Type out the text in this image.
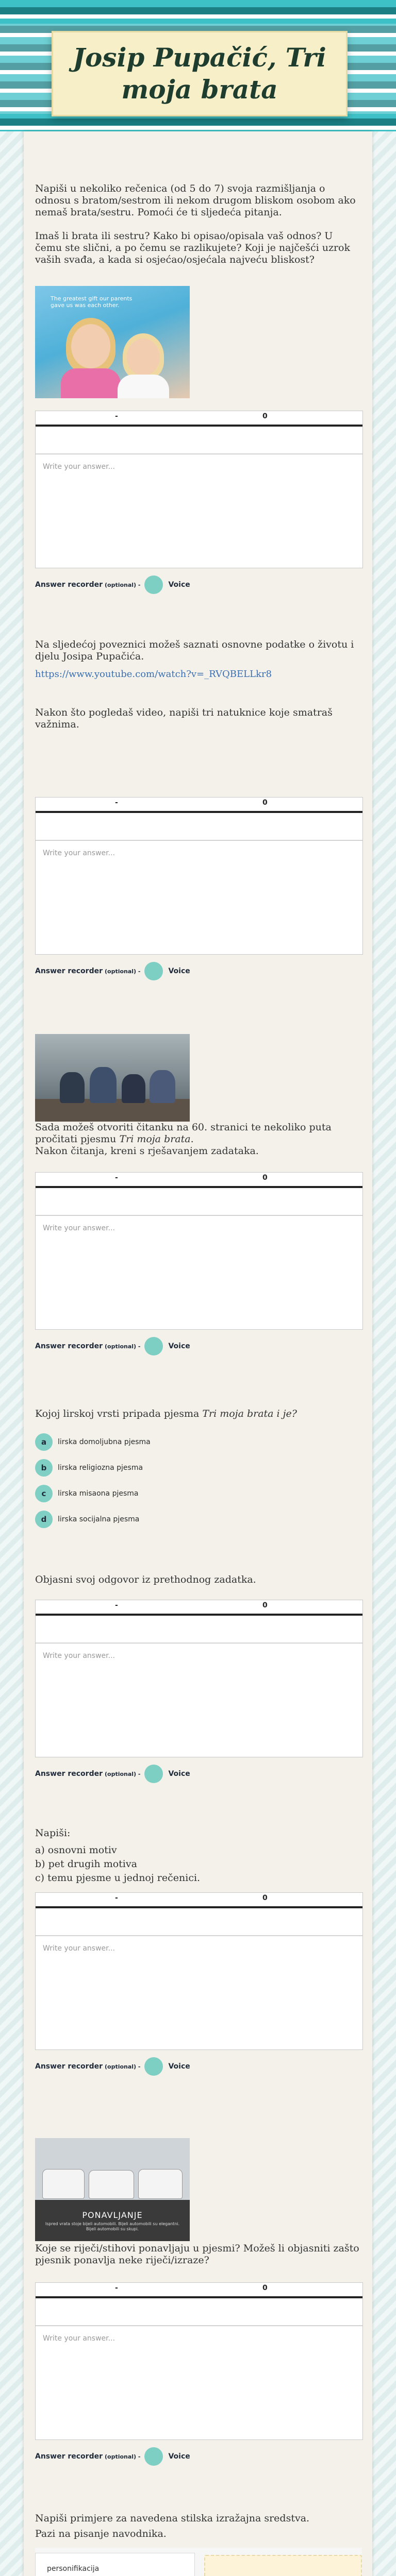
Josip Pupačić, Tri moja brata
Napiši u nekoliko rečenica (od 5 do 7) svoja razmišljanja o odnosu s bratom/sestrom ili nekom drugom bliskom osobom ako nemaš brata/sestru. Pomoći će ti sljedeća pitanja.
Imaš li brata ili sestru? Kako bi opisao/opisala vaš odnos? U čemu ste slični, a po čemu se razlikujete? Koji je najčešći uzrok vaših svađa, a kada si osjećao/osjećala najveću bliskost?
The greatest gift our parents gave us was each other.
-	0
Write your answer...
Answer recorder (optional) -	Voice
Na sljedećoj poveznici možeš saznati osnovne podatke o životu i djelu Josipa Pupačića.
https://www.youtube.com/watch?v=_RVQBELLkr8
Nakon što pogledaš video, napiši tri natuknice koje smatraš važnima.
-	0
Write your answer...
Answer recorder (optional) -	Voice
Sada možeš otvoriti čitanku na 60. stranici te nekoliko puta pročitati pjesmu Tri moja brata.
Nakon čitanja, kreni s rješavanjem zadataka.
-	0
Write your answer...
Answer recorder (optional) -	Voice
Kojoj lirskoj vrsti pripada pjesma Tri moja brata i je?
a	lirska domoljubna pjesma
b	lirska religiozna pjesma
c	lirska misaona pjesma
d	lirska socijalna pjesma
Objasni svoj odgovor iz prethodnog zadatka.
-	0
Write your answer...
Answer recorder (optional) -	Voice
Napiši:
a) osnovni motiv
b) pet drugih motiva
c) temu pjesme u jednoj rečenici.
-	0
Write your answer...
Answer recorder (optional) -	Voice
PONAVLJANJE
Ispred vrata stoje bijeli automobili. Bijeli automobili su elegantni. Bijeli automobili su skupi.
Koje se riječi/stihovi ponavljaju u pjesmi? Možeš li objasniti zašto pjesnik ponavlja neke riječi/izraze?
-	0
Write your answer...
Answer recorder (optional) -	Voice
Napiši primjere za navedena stilska izražajna sredstva.
Pazi na pisanje navodnika.
personifikacija
